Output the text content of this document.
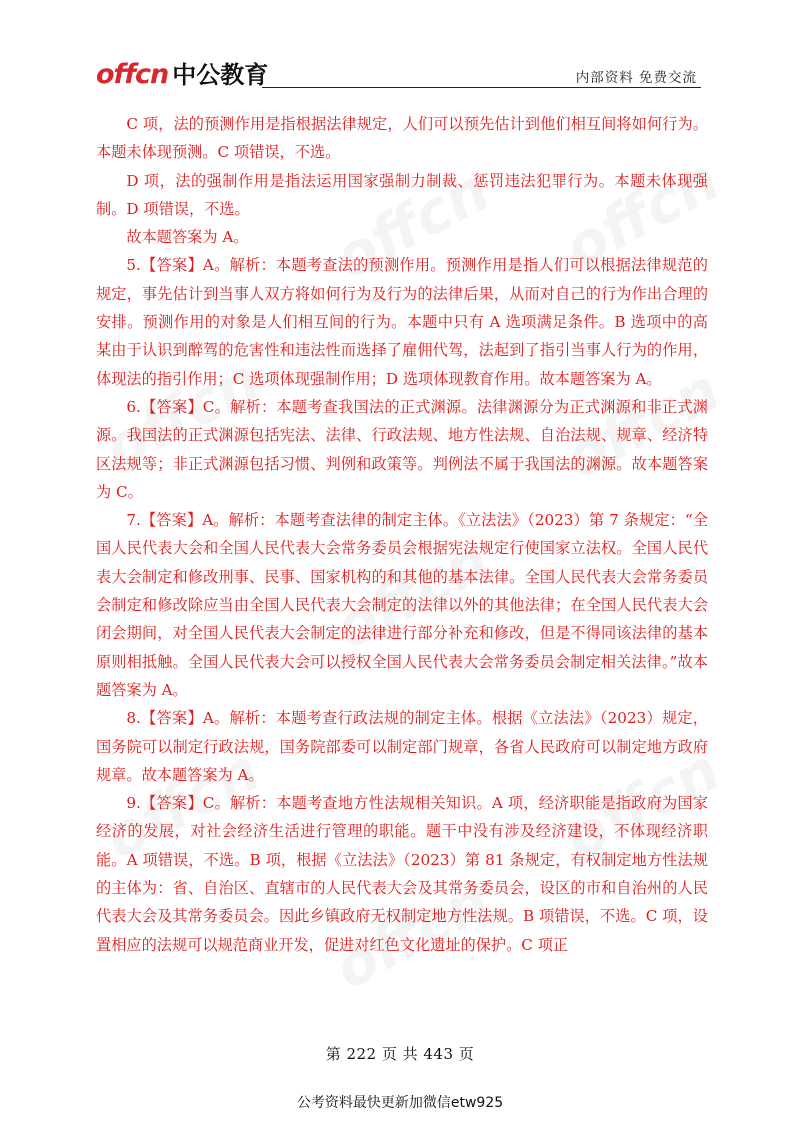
offcn 中公教育	内部资料 免费交流

C 项，法的预测作用是指根据法律规定，人们可以预先估计到他们相互间将如何行为。本题未体现预测。C 项错误，不选。

D 项，法的强制作用是指法运用国家强制力制裁、惩罚违法犯罪行为。本题未体现强制。D 项错误，不选。

故本题答案为 A。

5.【答案】A。解析：本题考查法的预测作用。预测作用是指人们可以根据法律规范的规定，事先估计到当事人双方将如何行为及行为的法律后果，从而对自己的行为作出合理的安排。预测作用的对象是人们相互间的行为。本题中只有 A 选项满足条件。B 选项中的高某由于认识到醉驾的危害性和违法性而选择了雇佣代驾，法起到了指引当事人行为的作用，体现法的指引作用；C 选项体现强制作用；D 选项体现教育作用。故本题答案为 A。

6.【答案】C。解析：本题考查我国法的正式渊源。法律渊源分为正式渊源和非正式渊源。我国法的正式渊源包括宪法、法律、行政法规、地方性法规、自治法规、规章、经济特区法规等；非正式渊源包括习惯、判例和政策等。判例法不属于我国法的渊源。故本题答案为 C。

7.【答案】A。解析：本题考查法律的制定主体。《立法法》（2023）第 7 条规定：“全国人民代表大会和全国人民代表大会常务委员会根据宪法规定行使国家立法权。全国人民代表大会制定和修改刑事、民事、国家机构的和其他的基本法律。全国人民代表大会常务委员会制定和修改除应当由全国人民代表大会制定的法律以外的其他法律；在全国人民代表大会闭会期间，对全国人民代表大会制定的法律进行部分补充和修改，但是不得同该法律的基本原则相抵触。全国人民代表大会可以授权全国人民代表大会常务委员会制定相关法律。”故本题答案为 A。

8.【答案】A。解析：本题考查行政法规的制定主体。根据《立法法》（2023）规定，国务院可以制定行政法规，国务院部委可以制定部门规章，各省人民政府可以制定地方政府规章。故本题答案为 A。

9.【答案】C。解析：本题考查地方性法规相关知识。A 项，经济职能是指政府为国家经济的发展，对社会经济生活进行管理的职能。题干中没有涉及经济建设，不体现经济职能。A 项错误，不选。B 项，根据《立法法》（2023）第 81 条规定，有权制定地方性法规的主体为：省、自治区、直辖市的人民代表大会及其常务委员会，设区的市和自治州的人民代表大会及其常务委员会。因此乡镇政府无权制定地方性法规。B 项错误，不选。C 项，设置相应的法规可以规范商业开发，促进对红色文化遗址的保护。C 项正

第 222 页 共 443 页
公考资料最快更新加微信etw925
